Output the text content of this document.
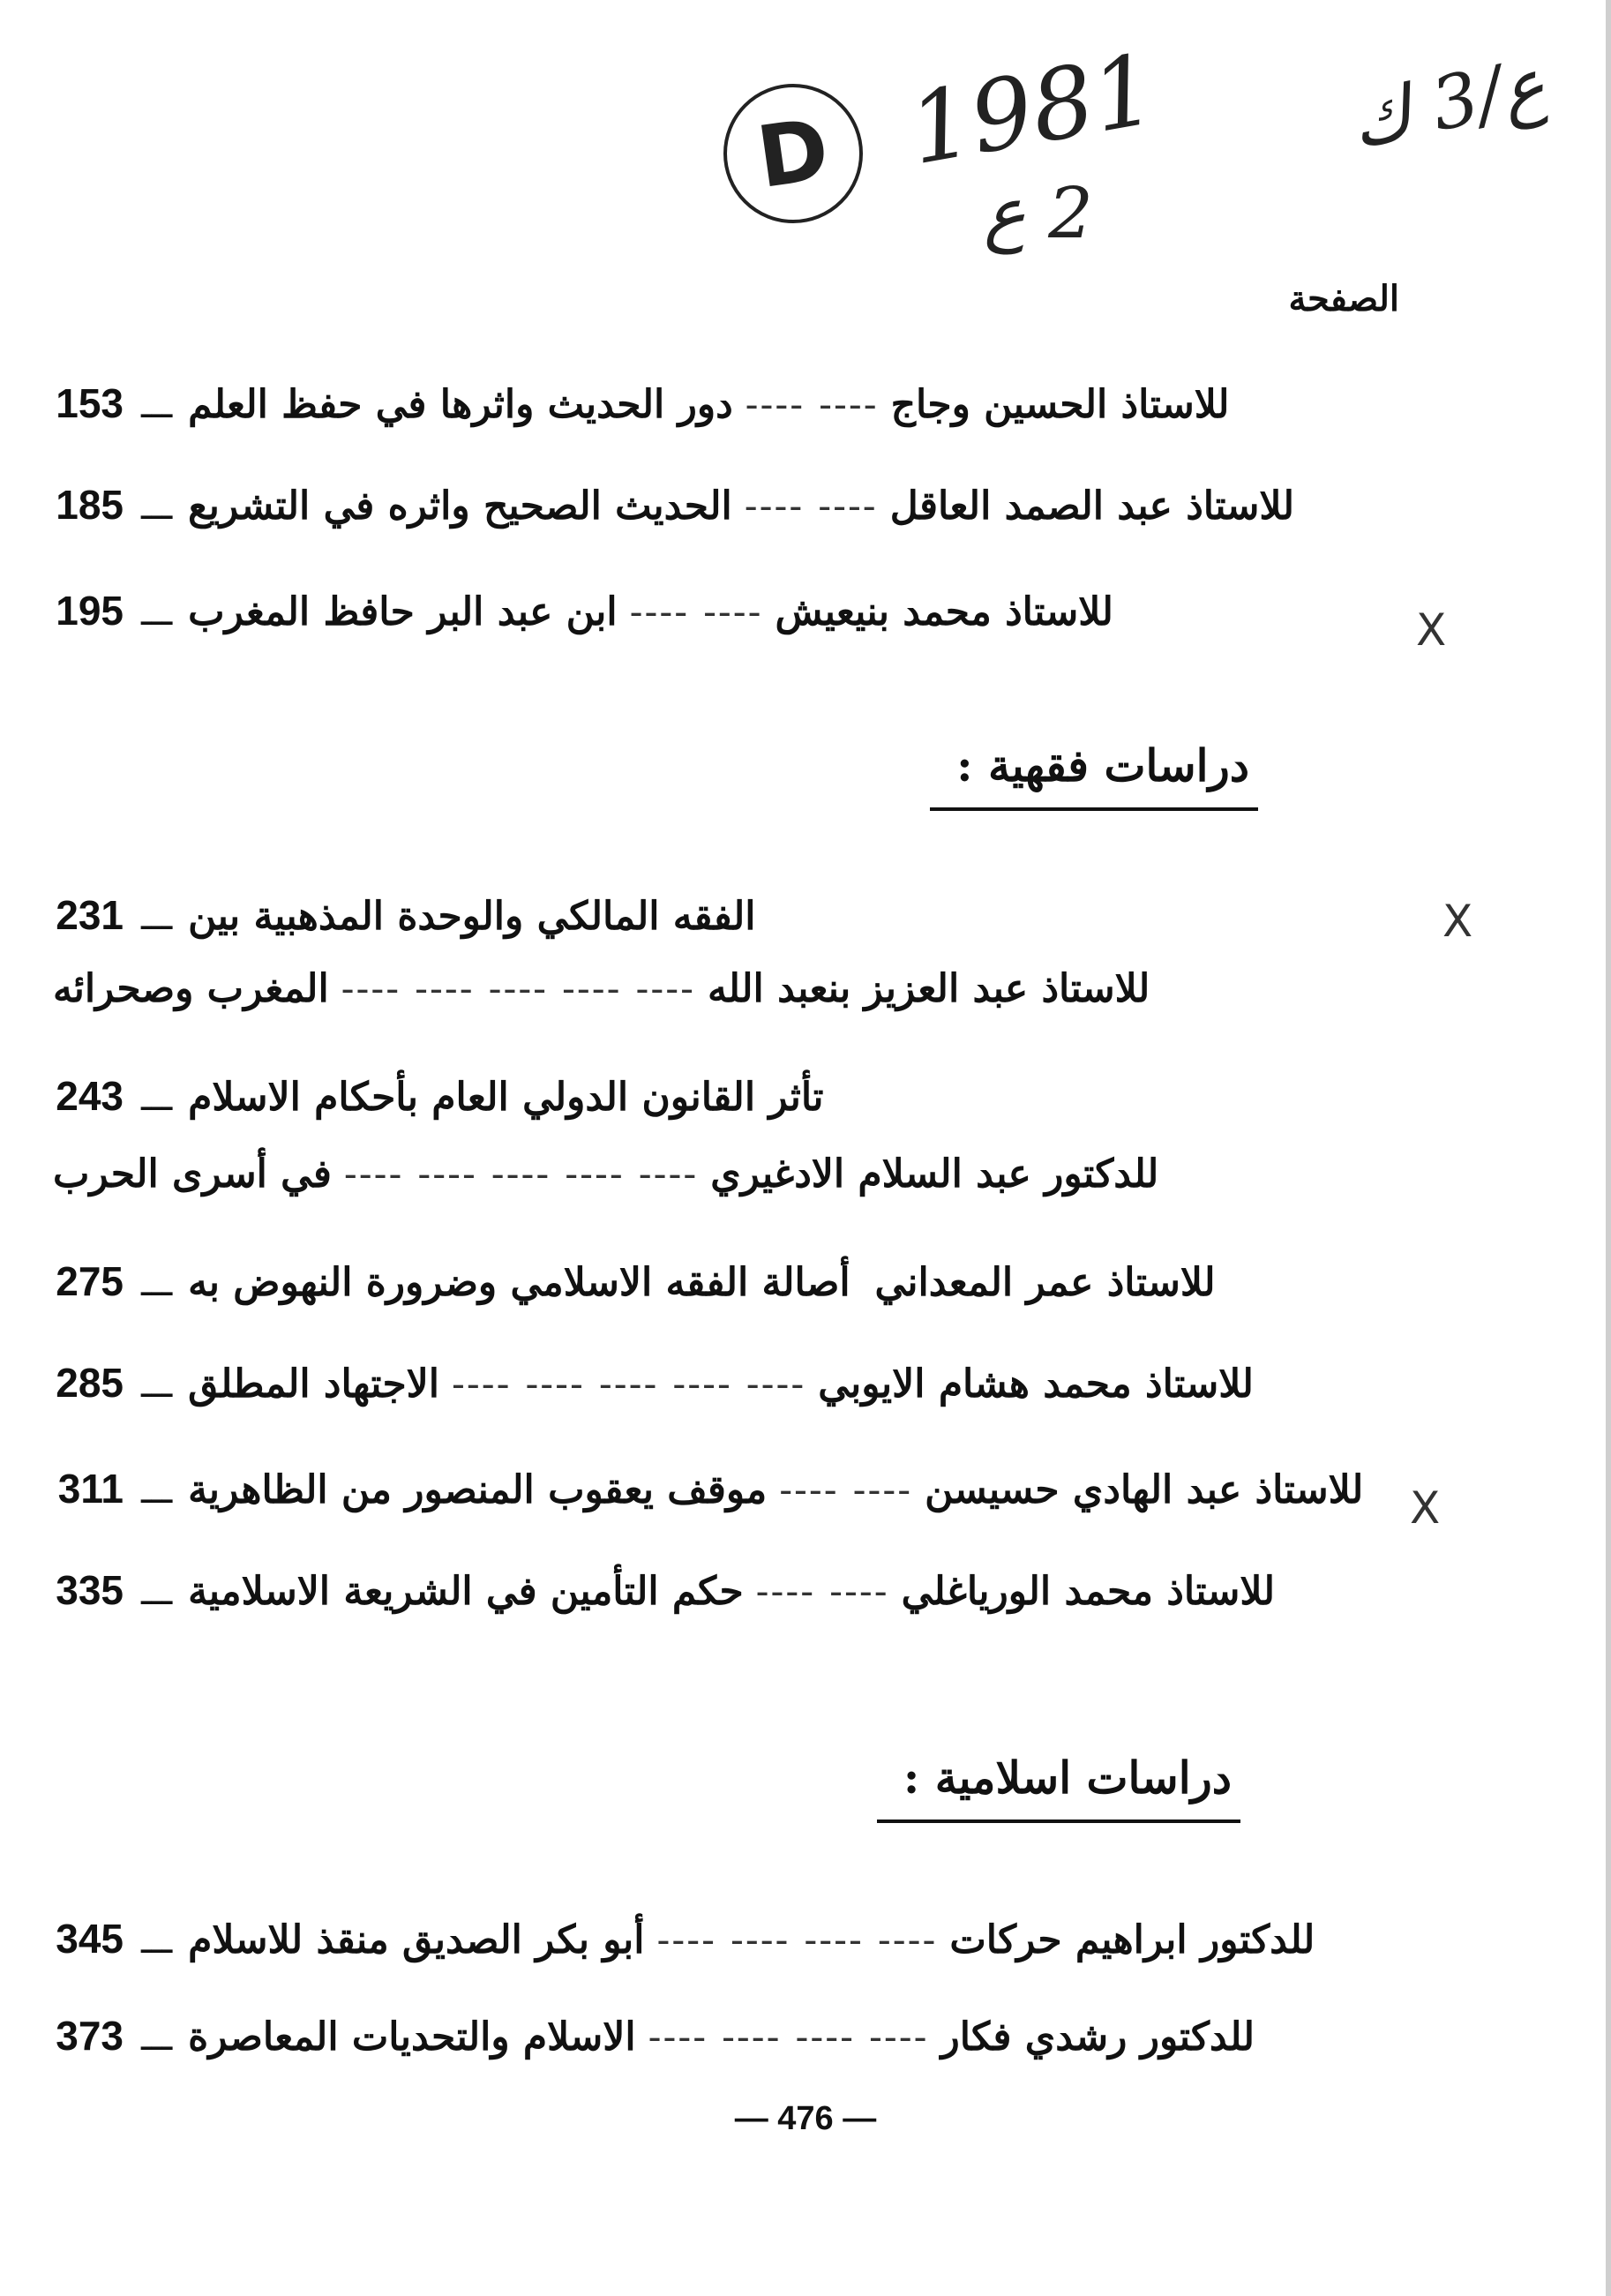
D 1981
2 ع
ع/3 ك
الصفحة
153 ـــ دور الحديث واثرها في حفظ العلم ---- ---- للاستاذ الحسين وجاج
185 ـــ الحديث الصحيح واثره في التشريع ---- ---- للاستاذ عبد الصمد العاقل
195 ـــ ابن عبد البر حافظ المغرب ---- ---- للاستاذ محمد بنيعيش	X
دراسات فقهية :
231 ـــ الفقه المالكي والوحدة المذهبية بين	X
المغرب وصحرائه ---- ---- ---- ---- ---- للاستاذ عبد العزيز بنعبد الله
243 ـــ تأثر القانون الدولي العام بأحكام الاسلام
في أسرى الحرب ---- ---- ---- ---- ---- للدكتور عبد السلام الادغيري
275 ـــ أصالة الفقه الاسلامي وضرورة النهوض به للاستاذ عمر المعداني
285 ـــ الاجتهاد المطلق ---- ---- ---- ---- ---- للاستاذ محمد هشام الايوبي
311 ـــ موقف يعقوب المنصور من الظاهرية ---- ---- للاستاذ عبد الهادي حسيسن X
335 ـــ حكم التأمين في الشريعة الاسلامية ---- ---- للاستاذ محمد الورياغلي
دراسات اسلامية :
345 ـــ أبو بكر الصديق منقذ للاسلام ---- ---- ---- ---- للدكتور ابراهيم حركات
373 ـــ الاسلام والتحديات المعاصرة ---- ---- ---- ---- للدكتور رشدي فكار
— 476 —
